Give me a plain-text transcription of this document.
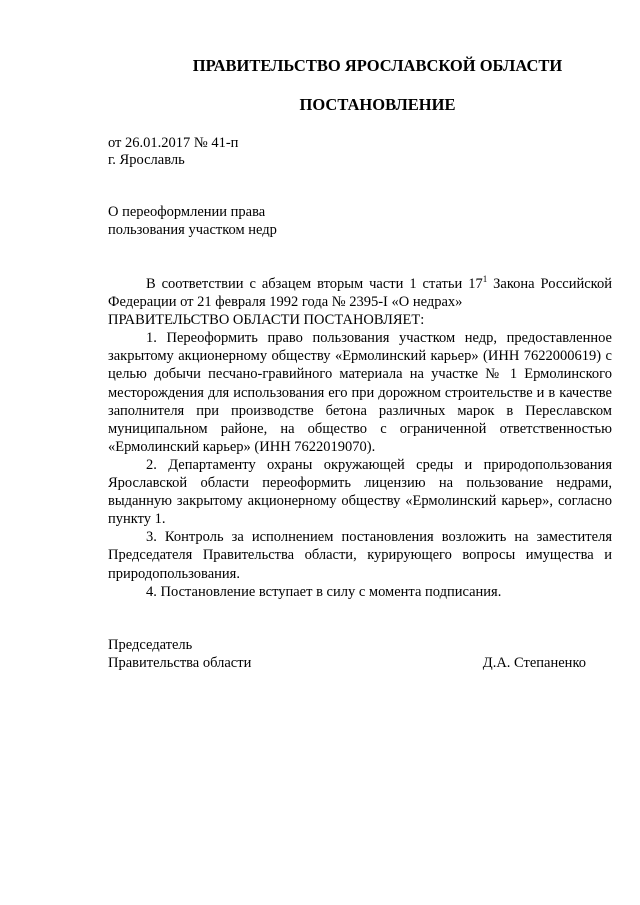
ПРАВИТЕЛЬСТВО ЯРОСЛАВСКОЙ ОБЛАСТИ
ПОСТАНОВЛЕНИЕ
от 26.01.2017 № 41-п
г. Ярославль
О переоформлении права
пользования участком недр

В соответствии с абзацем вторым части 1 статьи $17^1$ Закона Российской Федерации от 21 февраля 1992 года № 2395-I «О недрах»

ПРАВИТЕЛЬСТВО ОБЛАСТИ ПОСТАНОВЛЯЕТ:

1. Переоформить право пользования участком недр, предоставленное закрытому акционерному обществу «Ермолинский карьер» (ИНН 7622000619) с целью добычи песчано-гравийного материала на участке № 1 Ермолинского месторождения для использования его при дорожном строительстве и в качестве заполнителя при производстве бетона различных марок в Переславском муниципальном районе, на общество с ограниченной ответственностью «Ермолинский карьер» (ИНН 7622019070).

2. Департаменту охраны окружающей среды и природопользования Ярославской области переоформить лицензию на пользование недрами, выданную закрытому акционерному обществу «Ермолинский карьер», согласно пункту 1.

3. Контроль за исполнением постановления возложить на заместителя Председателя Правительства области, курирующего вопросы имущества и природопользования.

4. Постановление вступает в силу с момента подписания.

Председатель
Правительства области	Д.А. Степаненко
